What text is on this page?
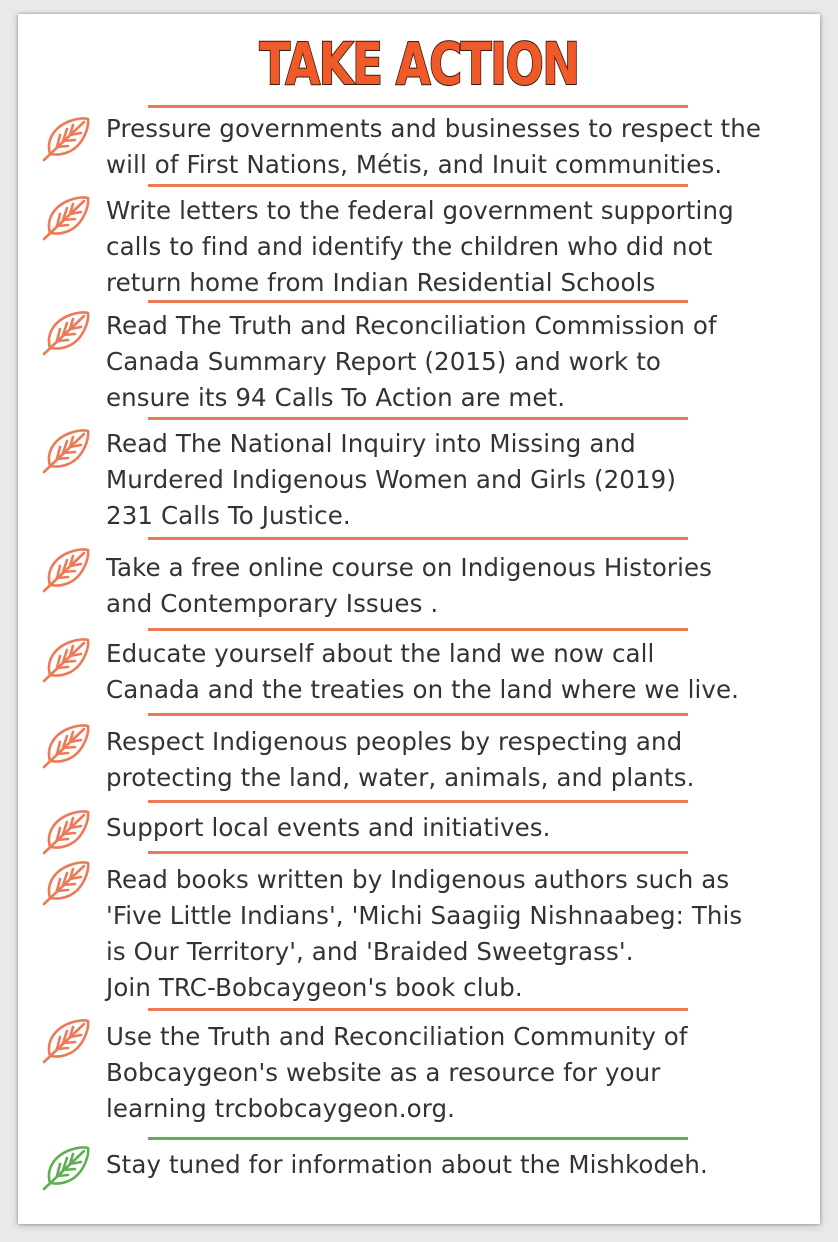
TAKE ACTION
Pressure governments and businesses to respect the
will of First Nations, Métis, and Inuit communities.
Write letters to the federal government supporting
calls to find and identify the children who did not
return home from Indian Residential Schools
Read The Truth and Reconciliation Commission of
Canada Summary Report (2015) and work to
ensure its 94 Calls To Action are met.
Read The National Inquiry into Missing and
Murdered Indigenous Women and Girls (2019)
231 Calls To Justice.
Take a free online course on Indigenous Histories
and Contemporary Issues .
Educate yourself about the land we now call
Canada and the treaties on the land where we live.
Respect Indigenous peoples by respecting and
protecting the land, water, animals, and plants.
Support local events and initiatives.
Read books written by Indigenous authors such as
'Five Little Indians', 'Michi Saagiig Nishnaabeg: This
is Our Territory', and 'Braided Sweetgrass'.
Join TRC-Bobcaygeon's book club.
Use the Truth and Reconciliation Community of
Bobcaygeon's website as a resource for your
learning trcbobcaygeon.org.
Stay tuned for information about the Mishkodeh.
